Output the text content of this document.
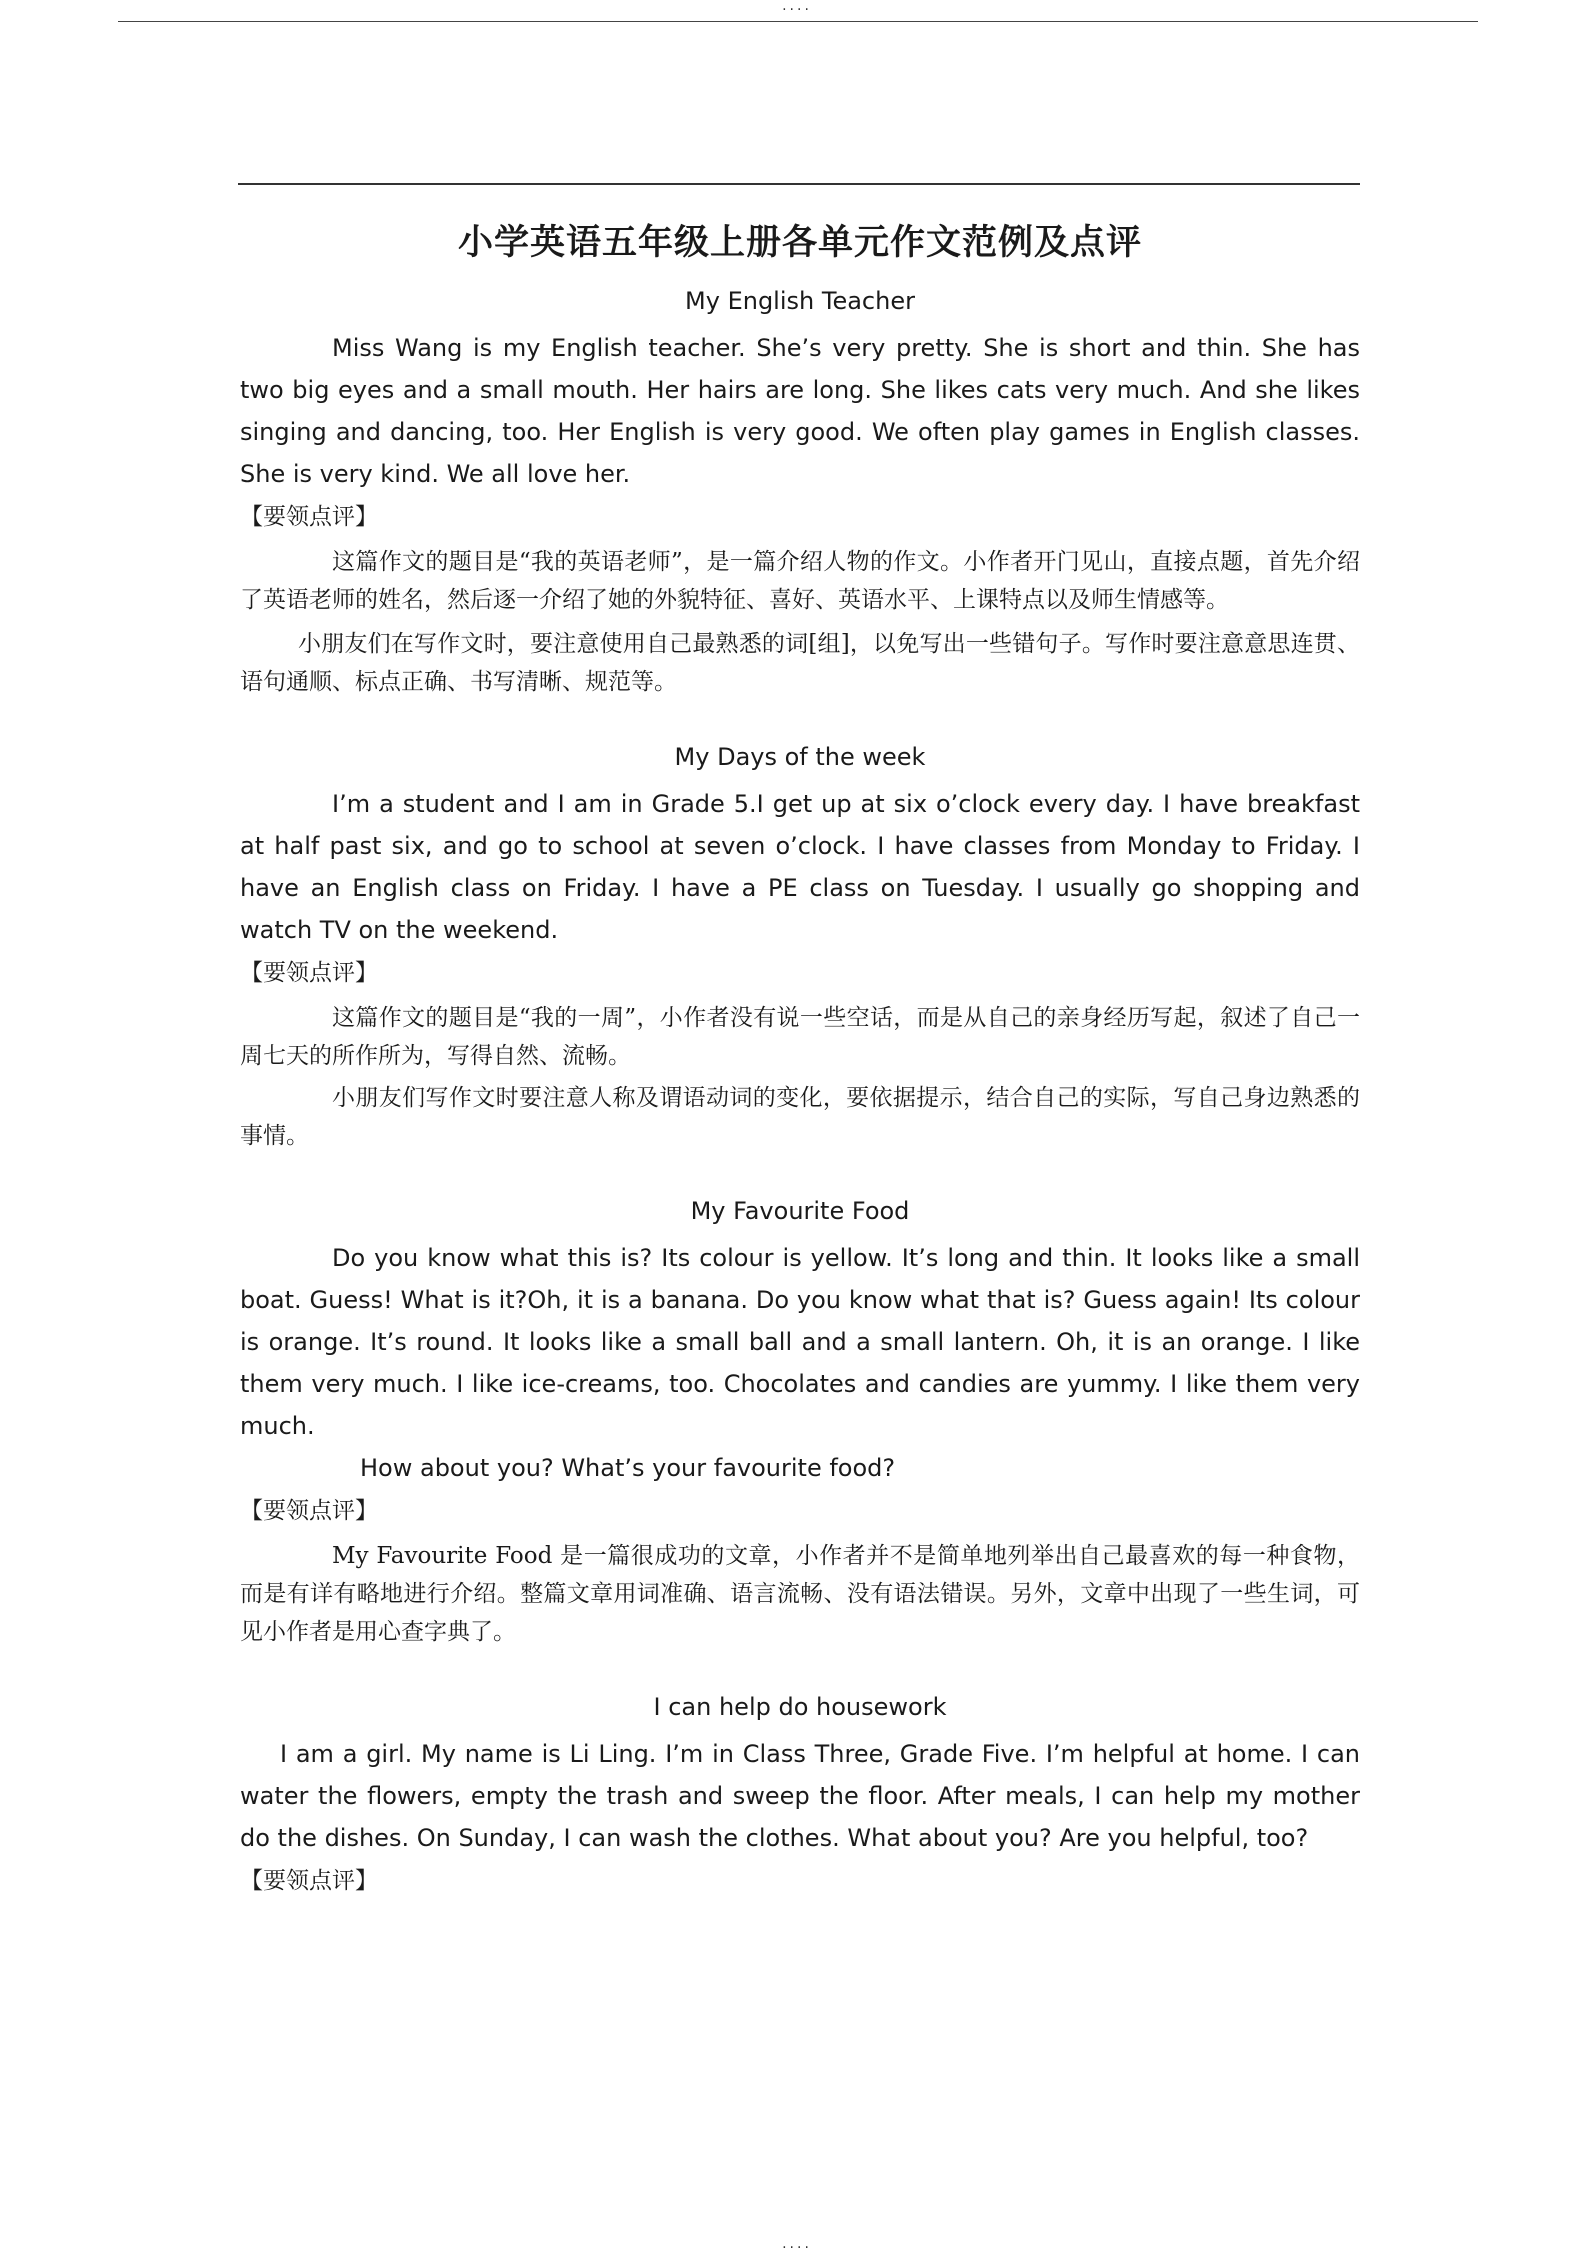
....
小学英语五年级上册各单元作文范例及点评
My English Teacher

Miss Wang is my English teacher. She’s very pretty. She is short and thin. She has two big eyes and a small mouth. Her hairs are long. She likes cats very much. And she likes singing and dancing, too. Her English is very good. We often play games in English classes. She is very kind. We all love her.

【要领点评】

这篇作文的题目是“我的英语老师”，是一篇介绍人物的作文。小作者开门见山，直接点题，首先介绍了英语老师的姓名，然后逐一介绍了她的外貌特征、喜好、英语水平、上课特点以及师生情感等。

小朋友们在写作文时，要注意使用自己最熟悉的词[组]，以免写出一些错句子。写作时要注意意思连贯、语句通顺、标点正确、书写清晰、规范等。

My Days of the week

I’m a student and I am in Grade 5.I get up at six o’clock every day. I have breakfast at half past six, and go to school at seven o’clock. I have classes from Monday to Friday. I have an English class on Friday. I have a PE class on Tuesday. I usually go shopping and watch TV on the weekend.

【要领点评】

这篇作文的题目是“我的一周”，小作者没有说一些空话，而是从自己的亲身经历写起，叙述了自己一周七天的所作所为，写得自然、流畅。

小朋友们写作文时要注意人称及谓语动词的变化，要依据提示，结合自己的实际，写自己身边熟悉的事情。

My Favourite Food

Do you know what this is? Its colour is yellow. It’s long and thin. It looks like a small boat. Guess! What is it?Oh, it is a banana. Do you know what that is? Guess again! Its colour is orange. It’s round. It looks like a small ball and a small lantern. Oh, it is an orange. I like them very much. I like ice-creams, too. Chocolates and candies are yummy. I like them very much.

How about you? What’s your favourite food?

【要领点评】

My Favourite Food 是一篇很成功的文章，小作者并不是简单地列举出自己最喜欢的每一种食物，而是有详有略地进行介绍。整篇文章用词准确、语言流畅、没有语法错误。另外，文章中出现了一些生词，可见小作者是用心查字典了。

I can help do housework

I am a girl. My name is Li Ling. I’m in Class Three, Grade Five. I’m helpful at home. I can water the flowers, empty the trash and sweep the floor. After meals, I can help my mother do the dishes. On Sunday, I can wash the clothes. What about you? Are you helpful, too?

【要领点评】
....
